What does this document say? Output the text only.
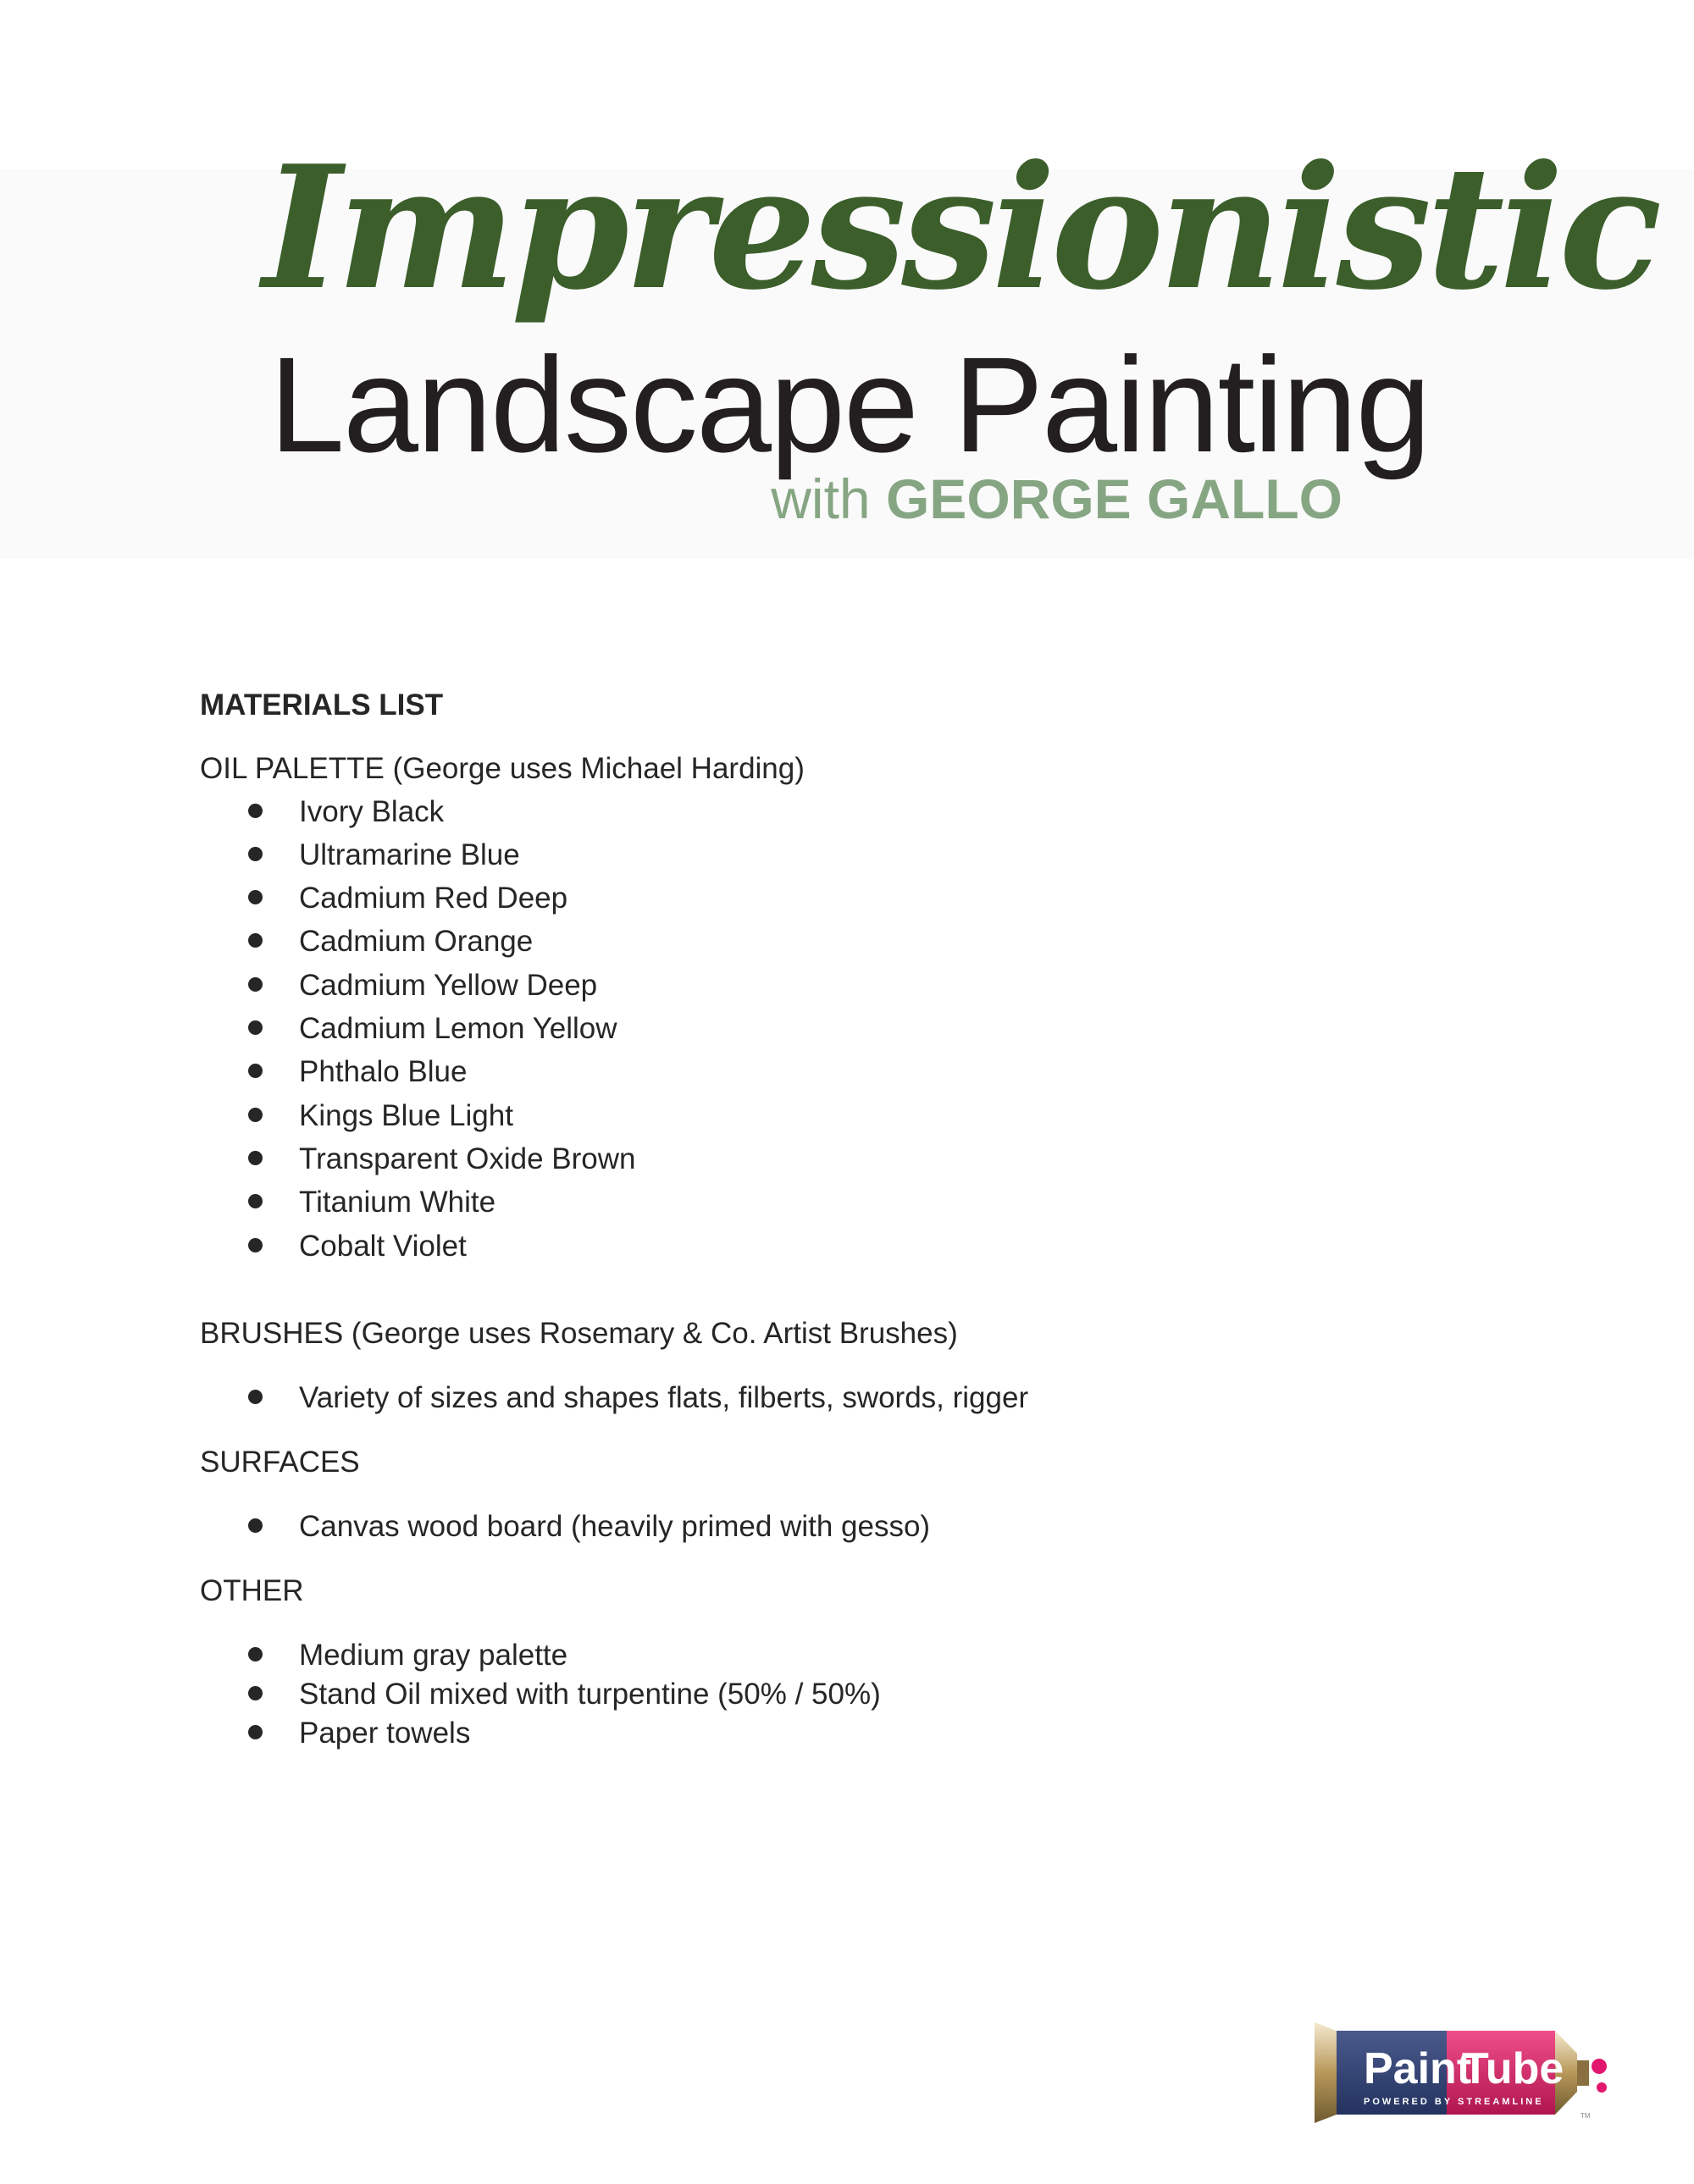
Impressionistic
Landscape Painting
with GEORGE GALLO
MATERIALS LIST
OIL PALETTE (George uses Michael Harding)
Ivory Black
Ultramarine Blue
Cadmium Red Deep
Cadmium Orange
Cadmium Yellow Deep
Cadmium Lemon Yellow
Phthalo Blue
Kings Blue Light
Transparent Oxide Brown
Titanium White
Cobalt Violet
BRUSHES (George uses Rosemary & Co. Artist Brushes)
Variety of sizes and shapes flats, filberts, swords, rigger
SURFACES
Canvas wood board (heavily primed with gesso)
OTHER
Medium gray palette
Stand Oil mixed with turpentine (50% / 50%)
Paper towels
Paint
Tube
POWERED BY STREAMLINE
TM
